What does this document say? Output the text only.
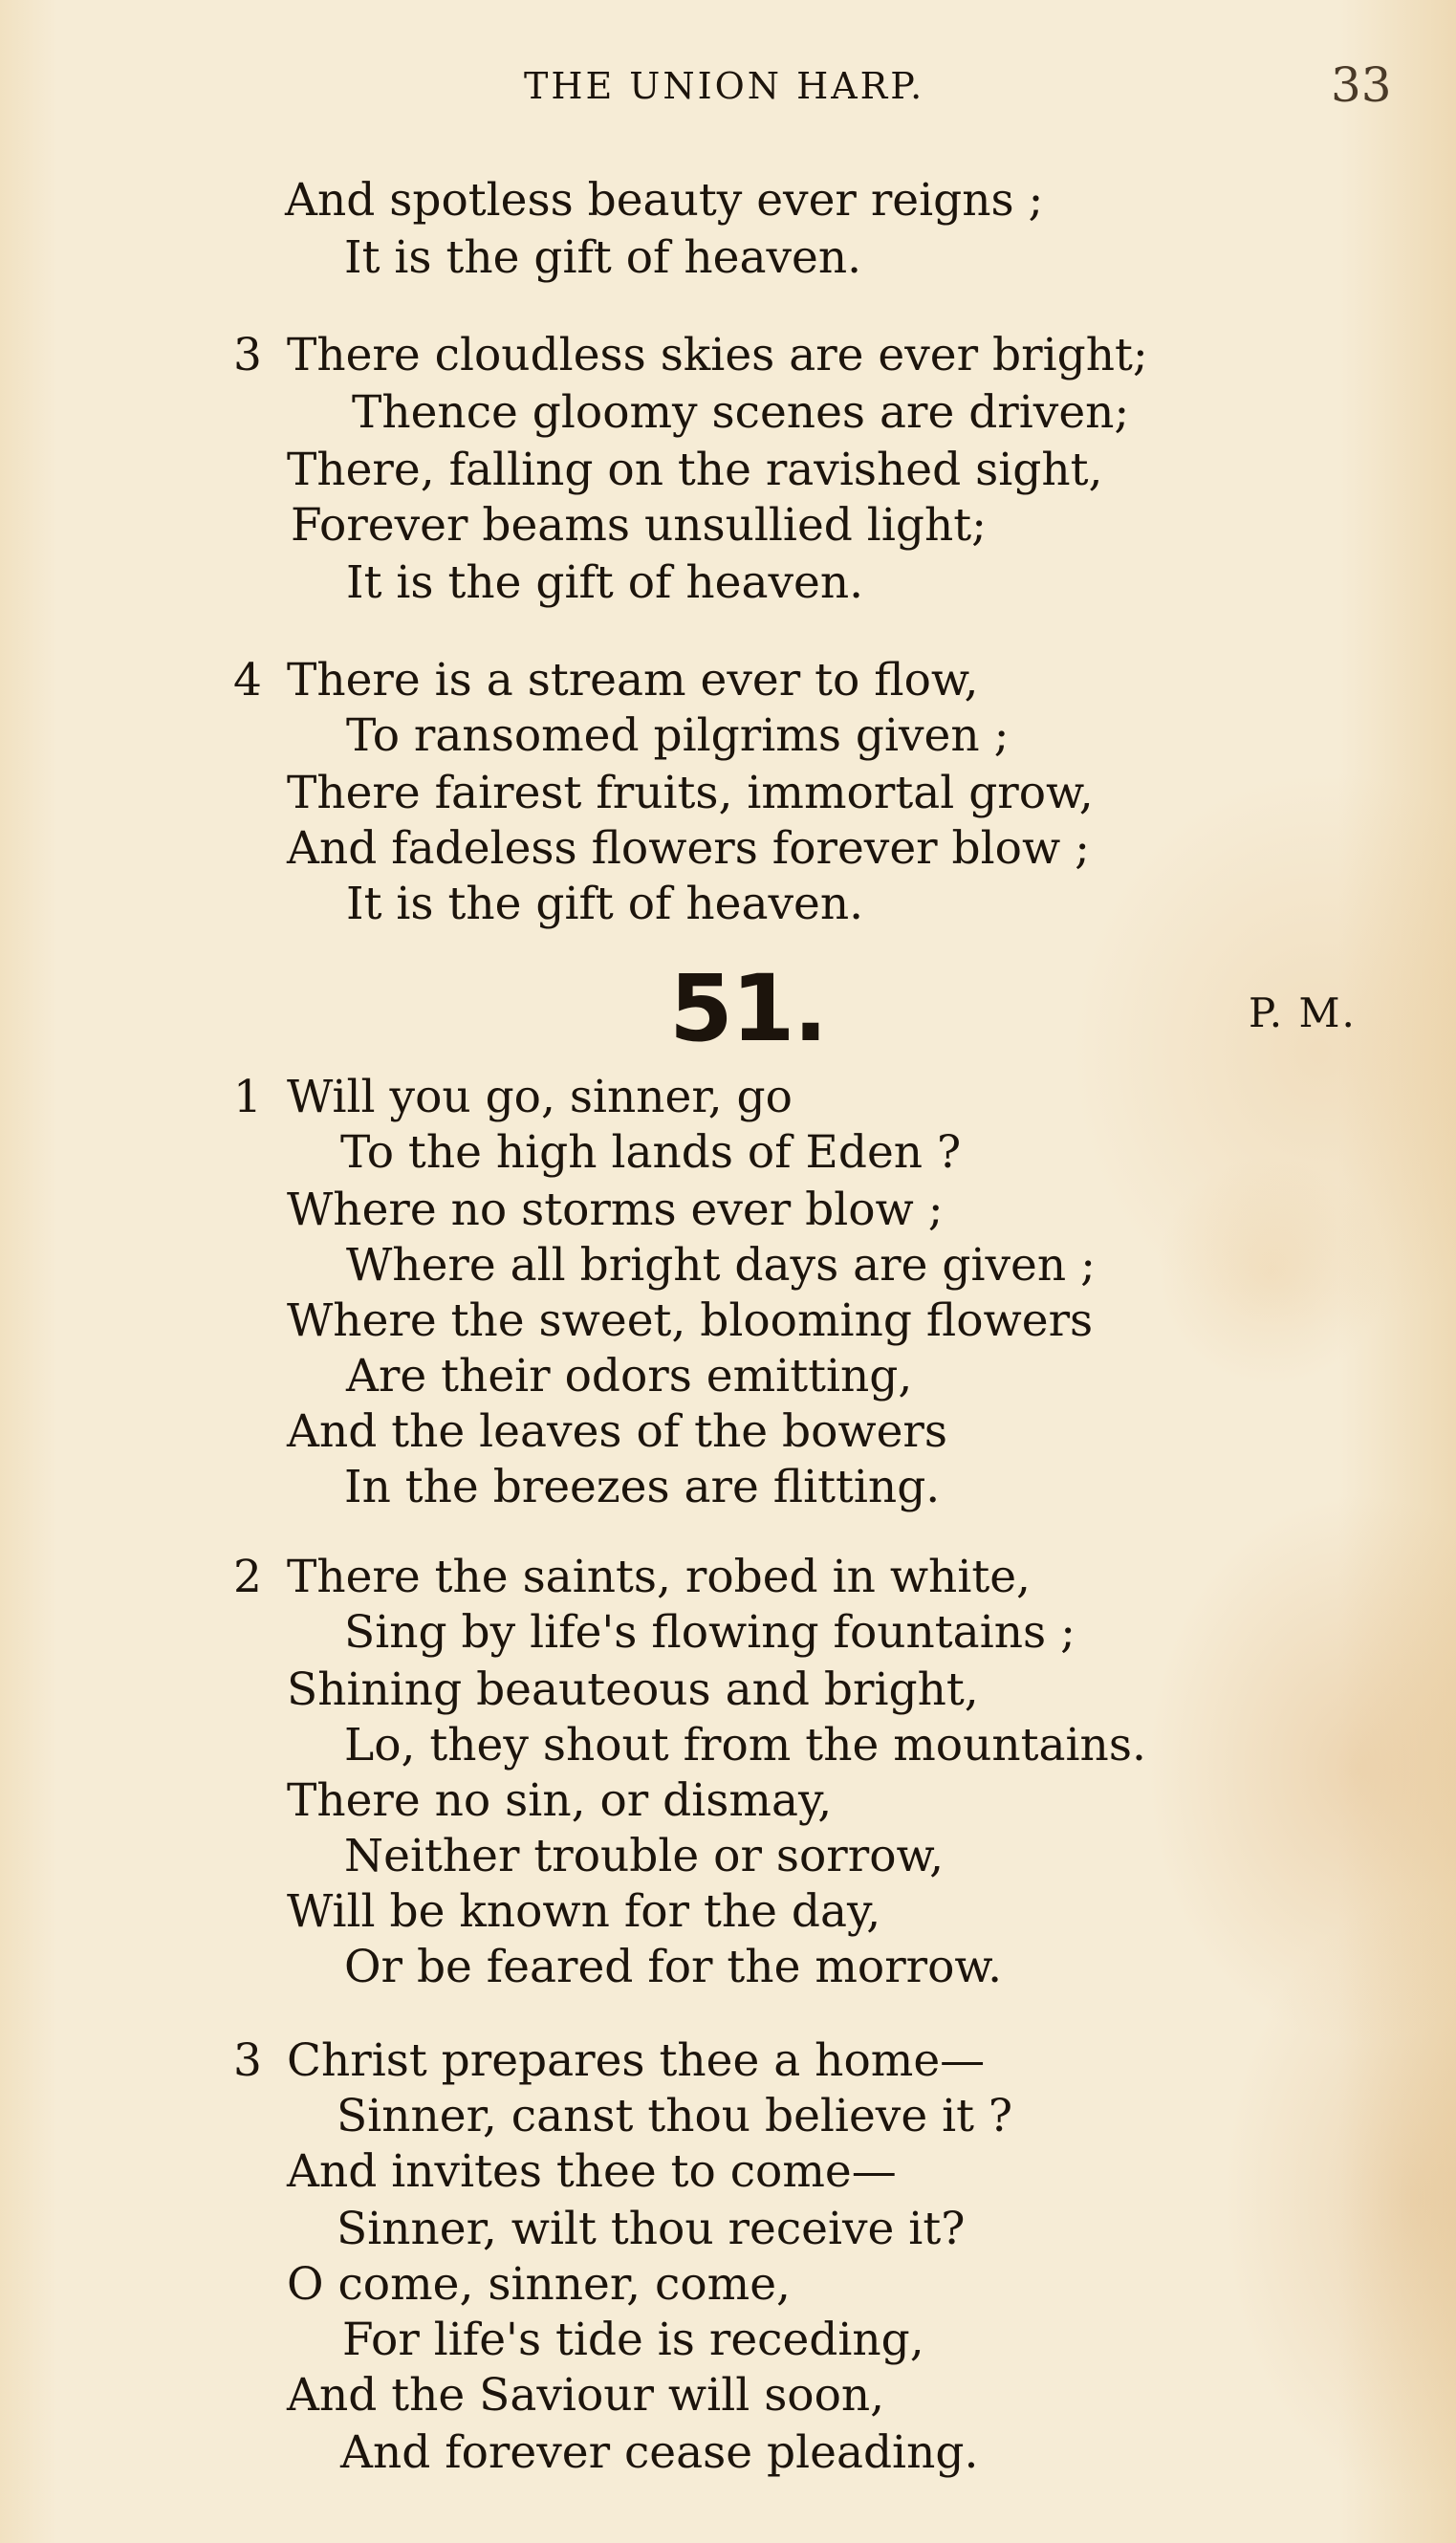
THE UNION HARP.	33
And spotless beauty ever reigns ;
It is the gift of heaven.
3 There cloudless skies are ever bright;
Thence gloomy scenes are driven;
There, falling on the ravished sight,
Forever beams unsullied light;
It is the gift of heaven.
4 There is a stream ever to flow,
To ransomed pilgrims given ;
There fairest fruits, immortal grow,
And fadeless flowers forever blow ;
It is the gift of heaven.
51.	P. M.
1 Will you go, sinner, go
To the high lands of Eden ?
Where no storms ever blow ;
Where all bright days are given ;
Where the sweet, blooming flowers
Are their odors emitting,
And the leaves of the bowers
In the breezes are flitting.
2 There the saints, robed in white,
Sing by life's flowing fountains ;
Shining beauteous and bright,
Lo, they shout from the mountains.
There no sin, or dismay,
Neither trouble or sorrow,
Will be known for the day,
Or be feared for the morrow.
3 Christ prepares thee a home—
Sinner, canst thou believe it ?
And invites thee to come—
Sinner, wilt thou receive it?
O come, sinner, come,
For life's tide is receding,
And the Saviour will soon,
And forever cease pleading.
